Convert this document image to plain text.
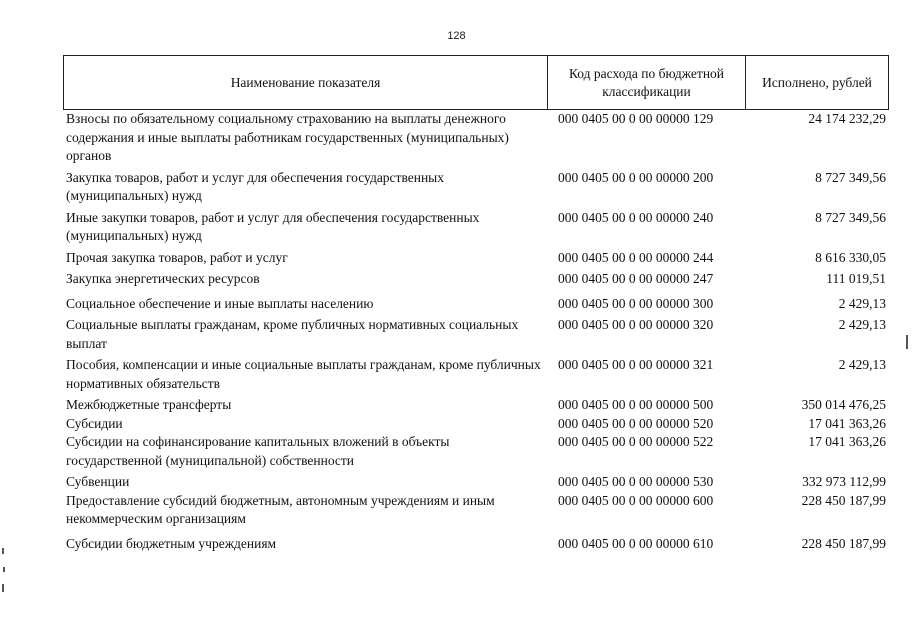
128
Наименование показателя	Код расхода по бюджетной классификации	Исполнено, рублей
Взносы по обязательному социальному страхованию на выплаты денежного содержания и иные выплаты работникам государственных (муниципальных) органов	000 0405 00 0 00 00000 129	24 174 232,29
Закупка товаров, работ и услуг для обеспечения государственных (муниципальных) нужд	000 0405 00 0 00 00000 200	8 727 349,56
Иные закупки товаров, работ и услуг для обеспечения государственных (муниципальных) нужд	000 0405 00 0 00 00000 240	8 727 349,56
Прочая закупка товаров, работ и услуг	000 0405 00 0 00 00000 244	8 616 330,05
Закупка энергетических ресурсов	000 0405 00 0 00 00000 247	111 019,51
Социальное обеспечение и иные выплаты населению	000 0405 00 0 00 00000 300	2 429,13
Социальные выплаты гражданам, кроме публичных нормативных социальных выплат	000 0405 00 0 00 00000 320	2 429,13
Пособия, компенсации и иные социальные выплаты гражданам, кроме публичных нормативных обязательств	000 0405 00 0 00 00000 321	2 429,13
Межбюджетные трансферты	000 0405 00 0 00 00000 500	350 014 476,25
Субсидии	000 0405 00 0 00 00000 520	17 041 363,26
Субсидии на софинансирование капитальных вложений в объекты государственной (муниципальной) собственности	000 0405 00 0 00 00000 522	17 041 363,26
Субвенции	000 0405 00 0 00 00000 530	332 973 112,99
Предоставление субсидий бюджетным, автономным учреждениям и иным некоммерческим организациям	000 0405 00 0 00 00000 600	228 450 187,99
Субсидии бюджетным учреждениям	000 0405 00 0 00 00000 610	228 450 187,99
